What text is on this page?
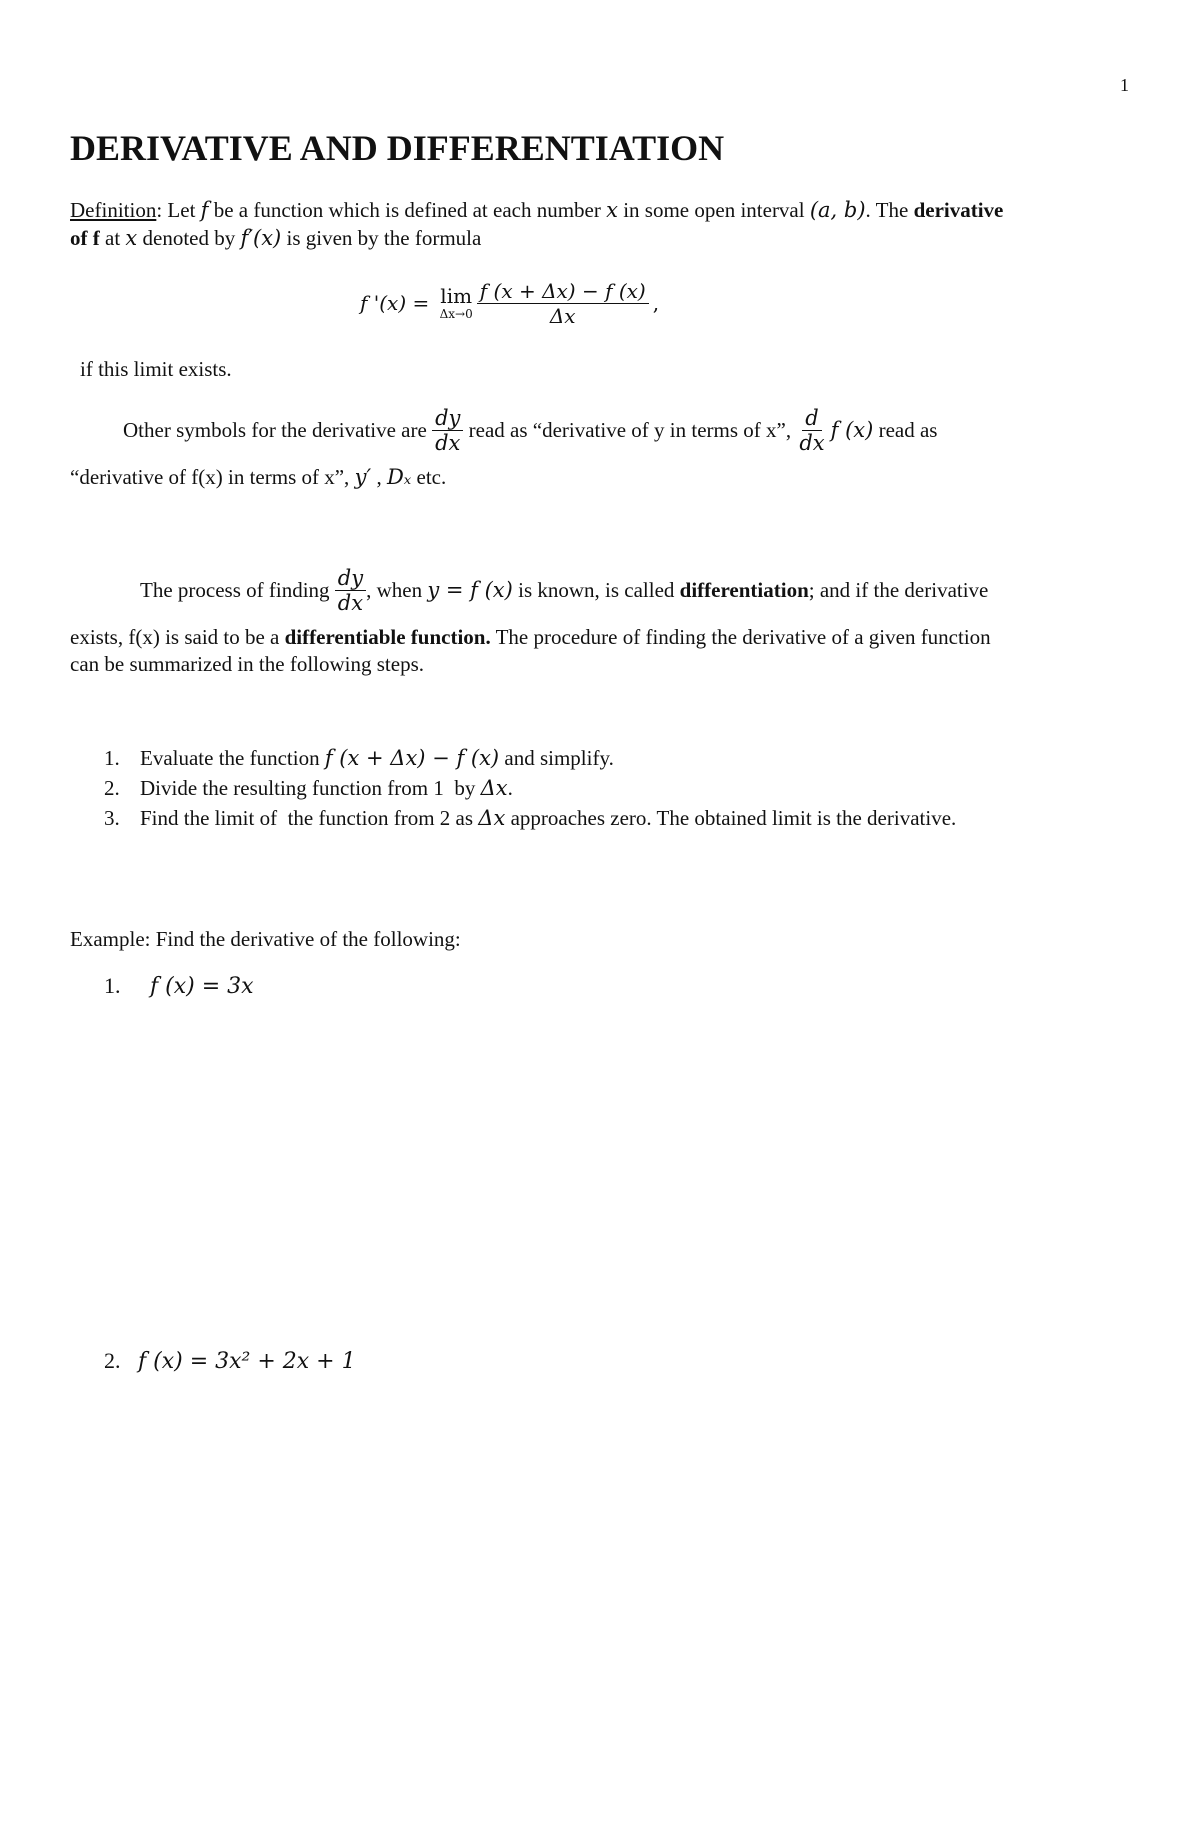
1
DERIVATIVE AND DIFFERENTIATION
Definition: Let f be a function which is defined at each number x in some open interval (a, b). The derivative
of f at x denoted by f′(x) is given by the formula
f '(x) = lim
$\Delta x\to 0 \frac{f (x + \Delta x) - f (x)}{\Delta x}$ ,
if this limit exists.
Other symbols for the derivative are $\frac{dy}{dx}$ read as “derivative of y in terms of x”, $\frac{d}{dx}$ f (x) read as
“derivative of f(x) in terms of x”, y′ , Dₓ etc.
The process of finding $\frac{dy}{dx}$ , when y = f (x) is known, is called differentiation ; and if the derivative
exists, f(x) is said to be a differentiable function. The procedure of finding the derivative of a given function
can be summarized in the following steps.
1. Evaluate the function f (x + Δx) − f (x) and simplify.
2. Divide the resulting function from 1  by Δx.
3. Find the limit of  the function from 2 as Δx approaches zero. The obtained limit is the derivative.
Example: Find the derivative of the following:
1. f (x) = 3x
2. f (x) = 3x² + 2x + 1
